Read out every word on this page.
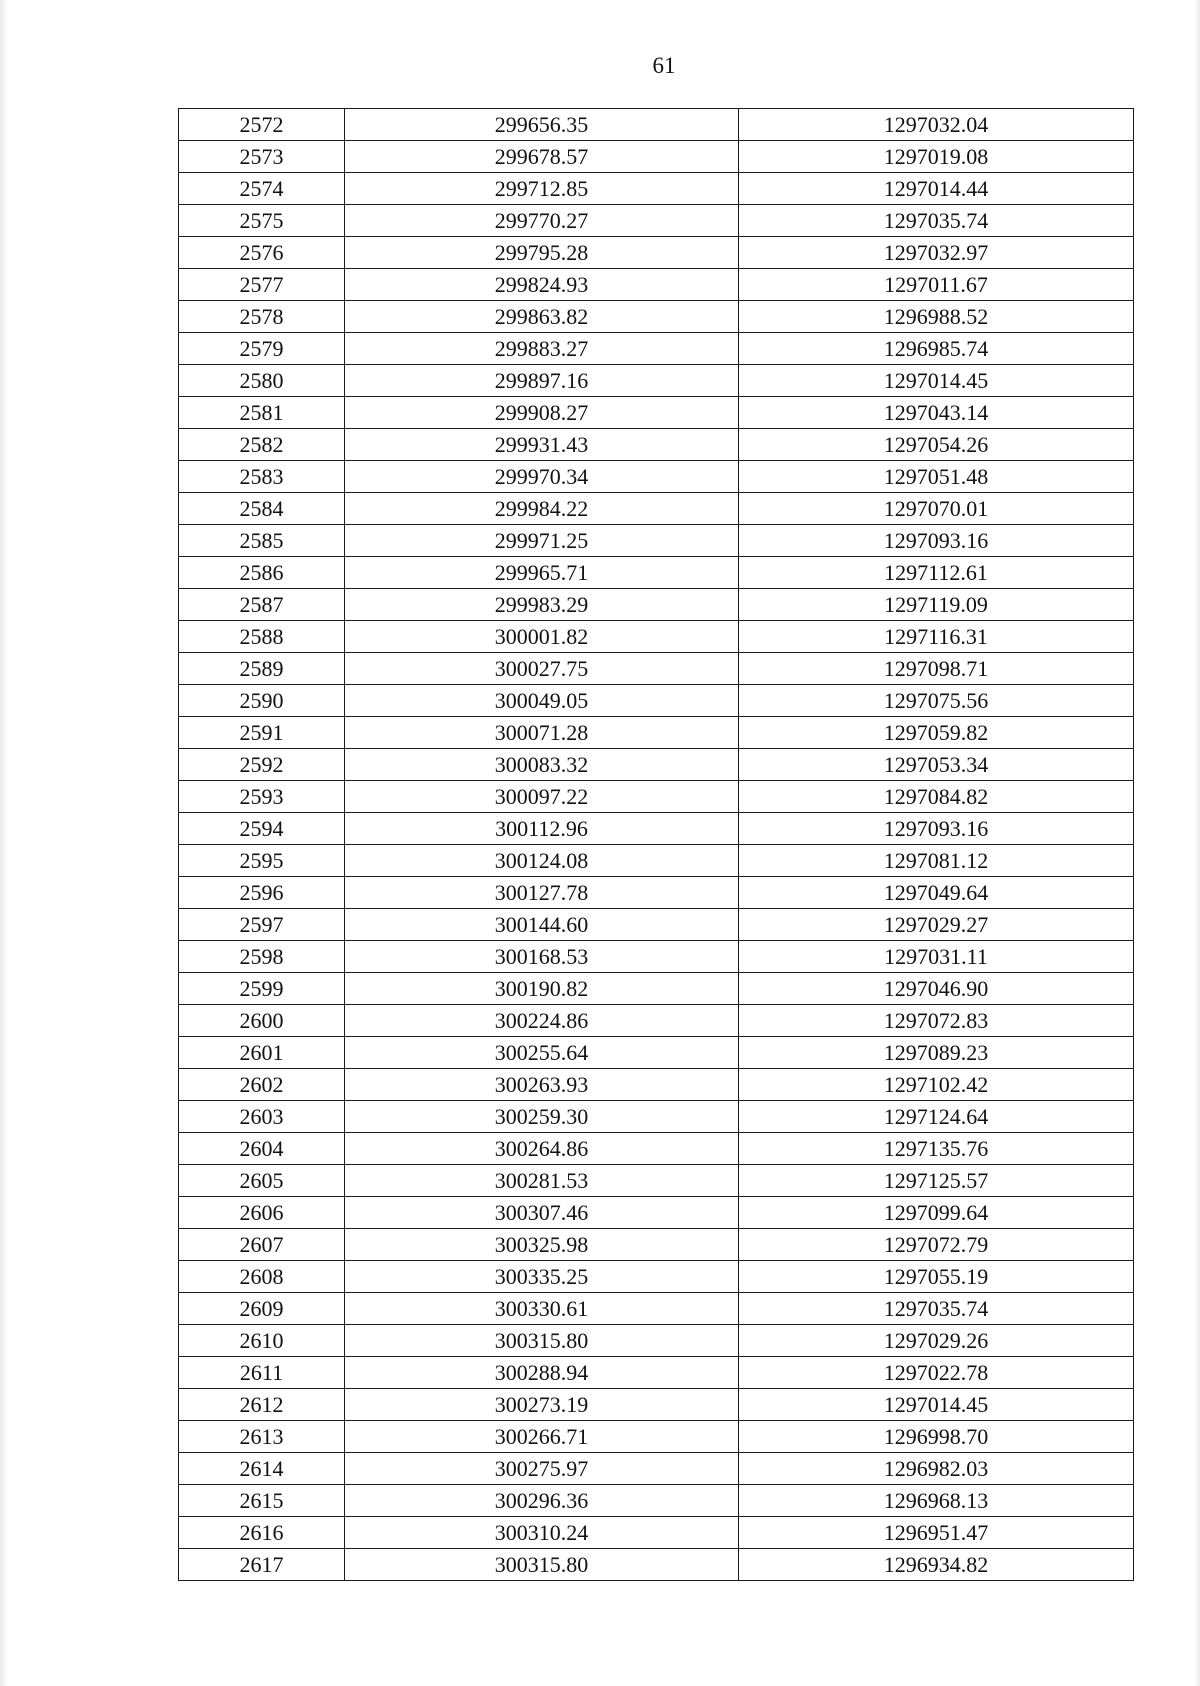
61
2572	299656.35	1297032.04
2573	299678.57	1297019.08
2574	299712.85	1297014.44
2575	299770.27	1297035.74
2576	299795.28	1297032.97
2577	299824.93	1297011.67
2578	299863.82	1296988.52
2579	299883.27	1296985.74
2580	299897.16	1297014.45
2581	299908.27	1297043.14
2582	299931.43	1297054.26
2583	299970.34	1297051.48
2584	299984.22	1297070.01
2585	299971.25	1297093.16
2586	299965.71	1297112.61
2587	299983.29	1297119.09
2588	300001.82	1297116.31
2589	300027.75	1297098.71
2590	300049.05	1297075.56
2591	300071.28	1297059.82
2592	300083.32	1297053.34
2593	300097.22	1297084.82
2594	300112.96	1297093.16
2595	300124.08	1297081.12
2596	300127.78	1297049.64
2597	300144.60	1297029.27
2598	300168.53	1297031.11
2599	300190.82	1297046.90
2600	300224.86	1297072.83
2601	300255.64	1297089.23
2602	300263.93	1297102.42
2603	300259.30	1297124.64
2604	300264.86	1297135.76
2605	300281.53	1297125.57
2606	300307.46	1297099.64
2607	300325.98	1297072.79
2608	300335.25	1297055.19
2609	300330.61	1297035.74
2610	300315.80	1297029.26
2611	300288.94	1297022.78
2612	300273.19	1297014.45
2613	300266.71	1296998.70
2614	300275.97	1296982.03
2615	300296.36	1296968.13
2616	300310.24	1296951.47
2617	300315.80	1296934.82
